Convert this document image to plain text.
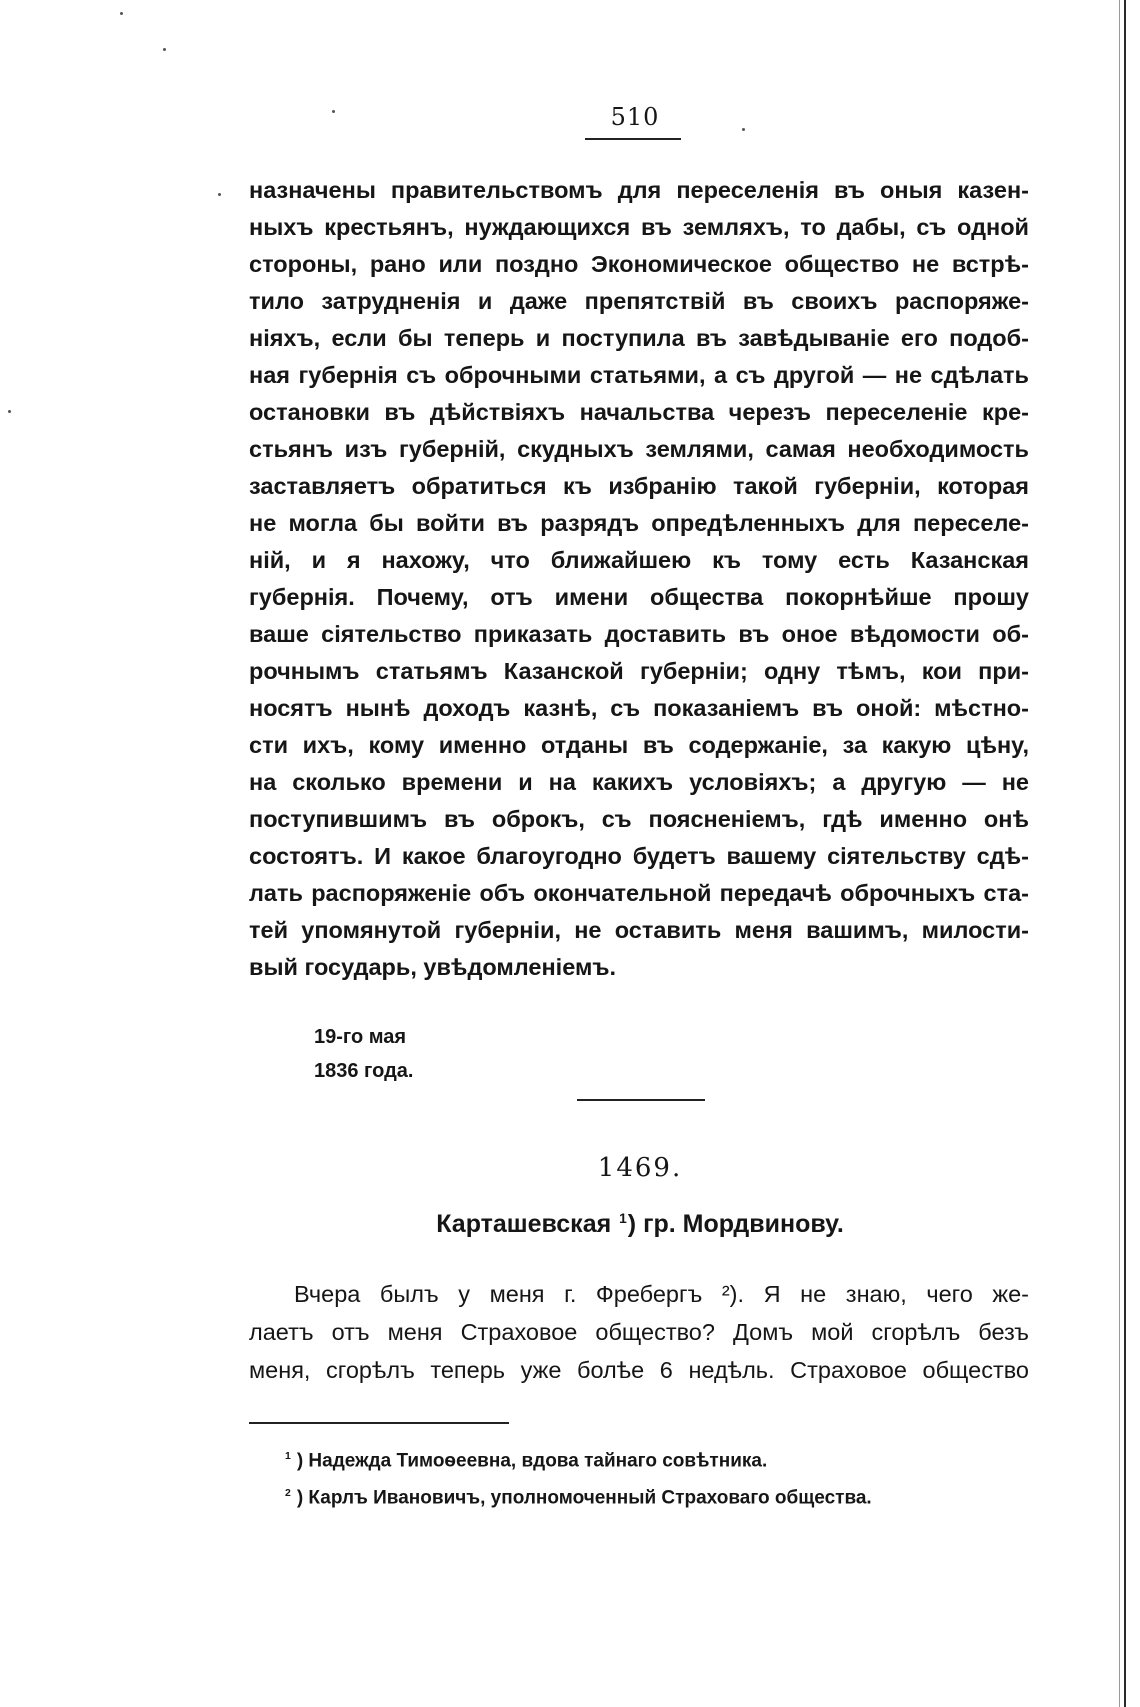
510
назначены правительствомъ для переселенія въ оныя казен-
ныхъ крестьянъ, нуждающихся въ земляхъ, то дабы, съ одной
стороны, рано или поздно Экономическое общество не встрѣ-
тило затрудненія и даже препятствій въ своихъ распоряже-
ніяхъ, если бы теперь и поступила въ завѣдываніе его подоб-
ная губернія съ оброчными статьями, а съ другой — не сдѣлать
остановки въ дѣйствіяхъ начальства черезъ переселеніе кре-
стьянъ изъ губерній, скудныхъ землями, самая необходимость
заставляетъ обратиться къ избранію такой губерніи, которая
не могла бы войти въ разрядъ опредѣленныхъ для переселе-
ній, и я нахожу, что ближайшею къ тому есть Казанская
губернія. Почему, отъ имени общества покорнѣйше прошу
ваше сіятельство приказать доставить въ оное вѣдомости об-
рочнымъ статьямъ Казанской губерніи; одну тѣмъ, кои при-
носятъ нынѣ доходъ казнѣ, съ показаніемъ въ оной: мѣстно-
сти ихъ, кому именно отданы въ содержаніе, за какую цѣну,
на сколько времени и на какихъ условіяхъ; а другую — не
поступившимъ въ оброкъ, съ поясненіемъ, гдѣ именно онѣ
состоятъ. И какое благоугодно будетъ вашему сіятельству сдѣ-
лать распоряженіе объ окончательной передачѣ оброчныхъ ста-
тей упомянутой губерніи, не оставить меня вашимъ, милости-
вый государь, увѣдомленіемъ.
19-го мая
1836 года.
1469.
Карташевская $^1$) гр. Мордвинову.
Вчера былъ у меня г. Фребергъ ²). Я не знаю, чего же-
лаетъ отъ меня Страховое общество? Домъ мой сгорѣлъ безъ
меня, сгорѣлъ теперь уже болѣе 6 недѣль. Страховое общество
$^1$ ) Надежда Тимоѳеевна, вдова тайнаго совѣтника.
$^2$ ) Карлъ Ивановичъ, уполномоченный Страховаго общества.
